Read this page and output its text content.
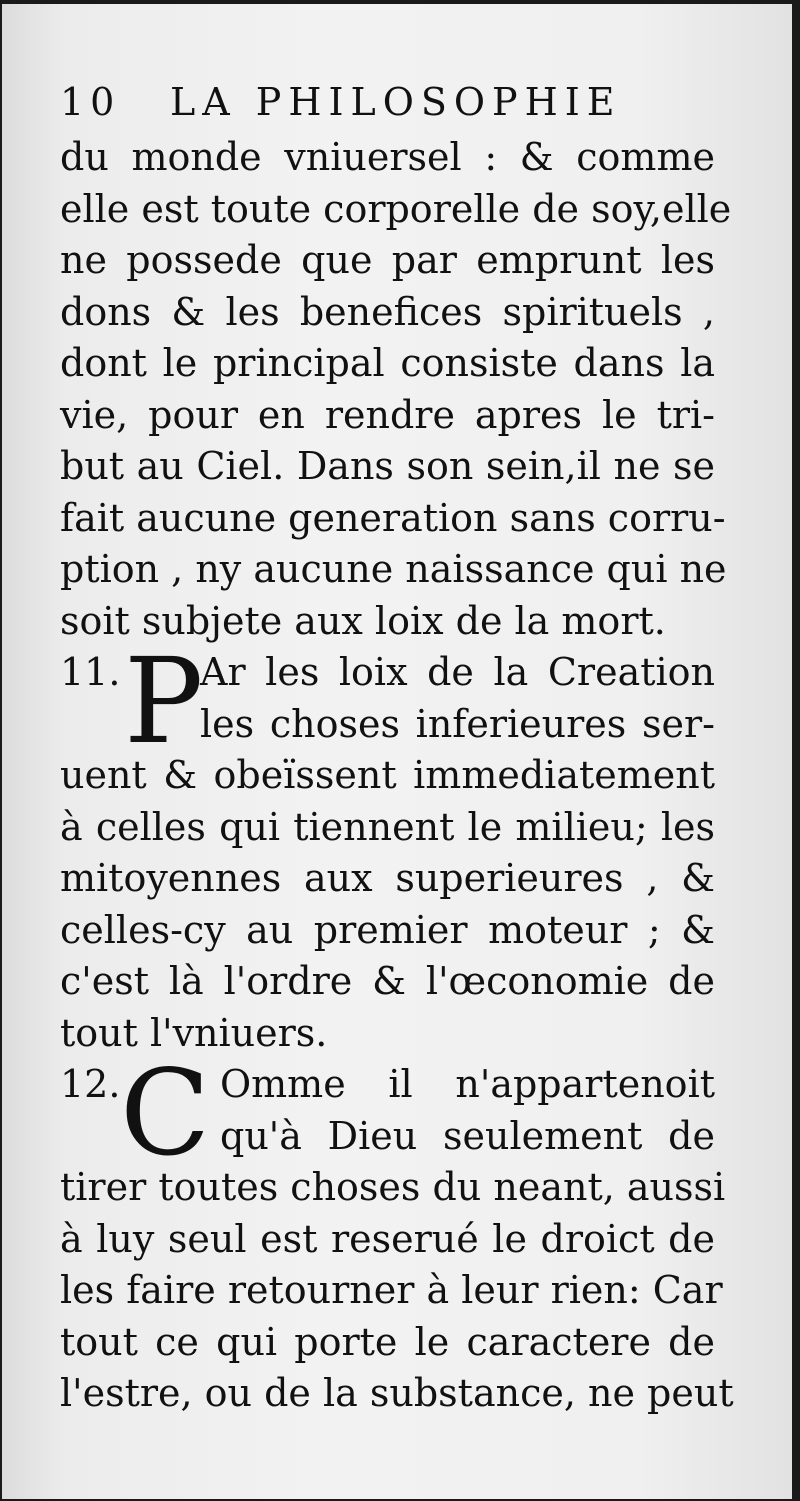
10 LA PHILOSOPHIE
du monde vniuersel : & comme
elle est toute corporelle de soy,elle
ne possede que par emprunt les
dons & les benefices spirituels ,
dont le principal consiste dans la
vie, pour en rendre apres le tri-
but au Ciel. Dans son sein,il ne se
fait aucune generation sans corru-
ption , ny aucune naissance qui ne
soit subjete aux loix de la mort.
11. P
Ar les loix de la Creation
les choses inferieures ser-
uent & obeïssent immediatement
à celles qui tiennent le milieu; les
mitoyennes aux superieures , &
celles-cy au premier moteur ; &
c'est là l'ordre & l'œconomie de
tout l'vniuers.
12. C Omme il n'appartenoit
qu'à Dieu seulement de
tirer toutes choses du neant, aussi
à luy seul est reserué le droict de
les faire retourner à leur rien: Car
tout ce qui porte le caractere de
l'estre, ou de la substance, ne peut
